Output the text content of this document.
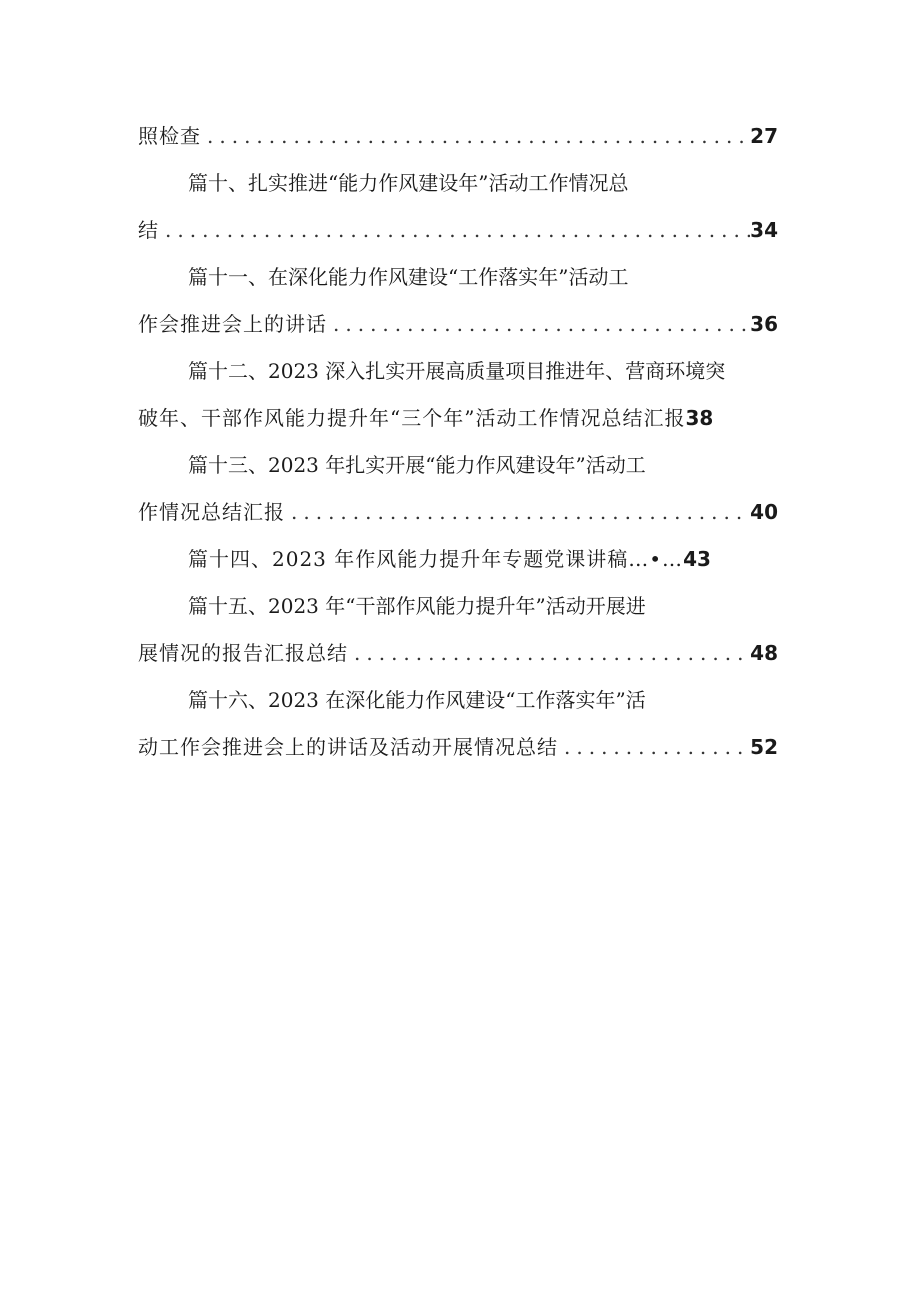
照检查 .....	27
篇十、扎实推进“能力作风建设年”活动工作情况总
结 .....	34
篇十一、在深化能力作风建设“工作落实年”活动工
作会推进会上的讲话 .....	36
篇十二、2023 深入扎实开展高质量项目推进年、营商环境突
破年、干部作风能力提升年“三个年”活动工作情况总结汇报 38
篇十三、2023 年扎实开展“能力作风建设年”活动工
作情况总结汇报 .....	40
篇十四、2023 年作风能力提升年专题党课讲稿…•… 43
篇十五、2023 年“干部作风能力提升年”活动开展进
展情况的报告汇报总结 .....	48
篇十六、2023 在深化能力作风建设“工作落实年”活
动工作会推进会上的讲话及活动开展情况总结 .....	52
